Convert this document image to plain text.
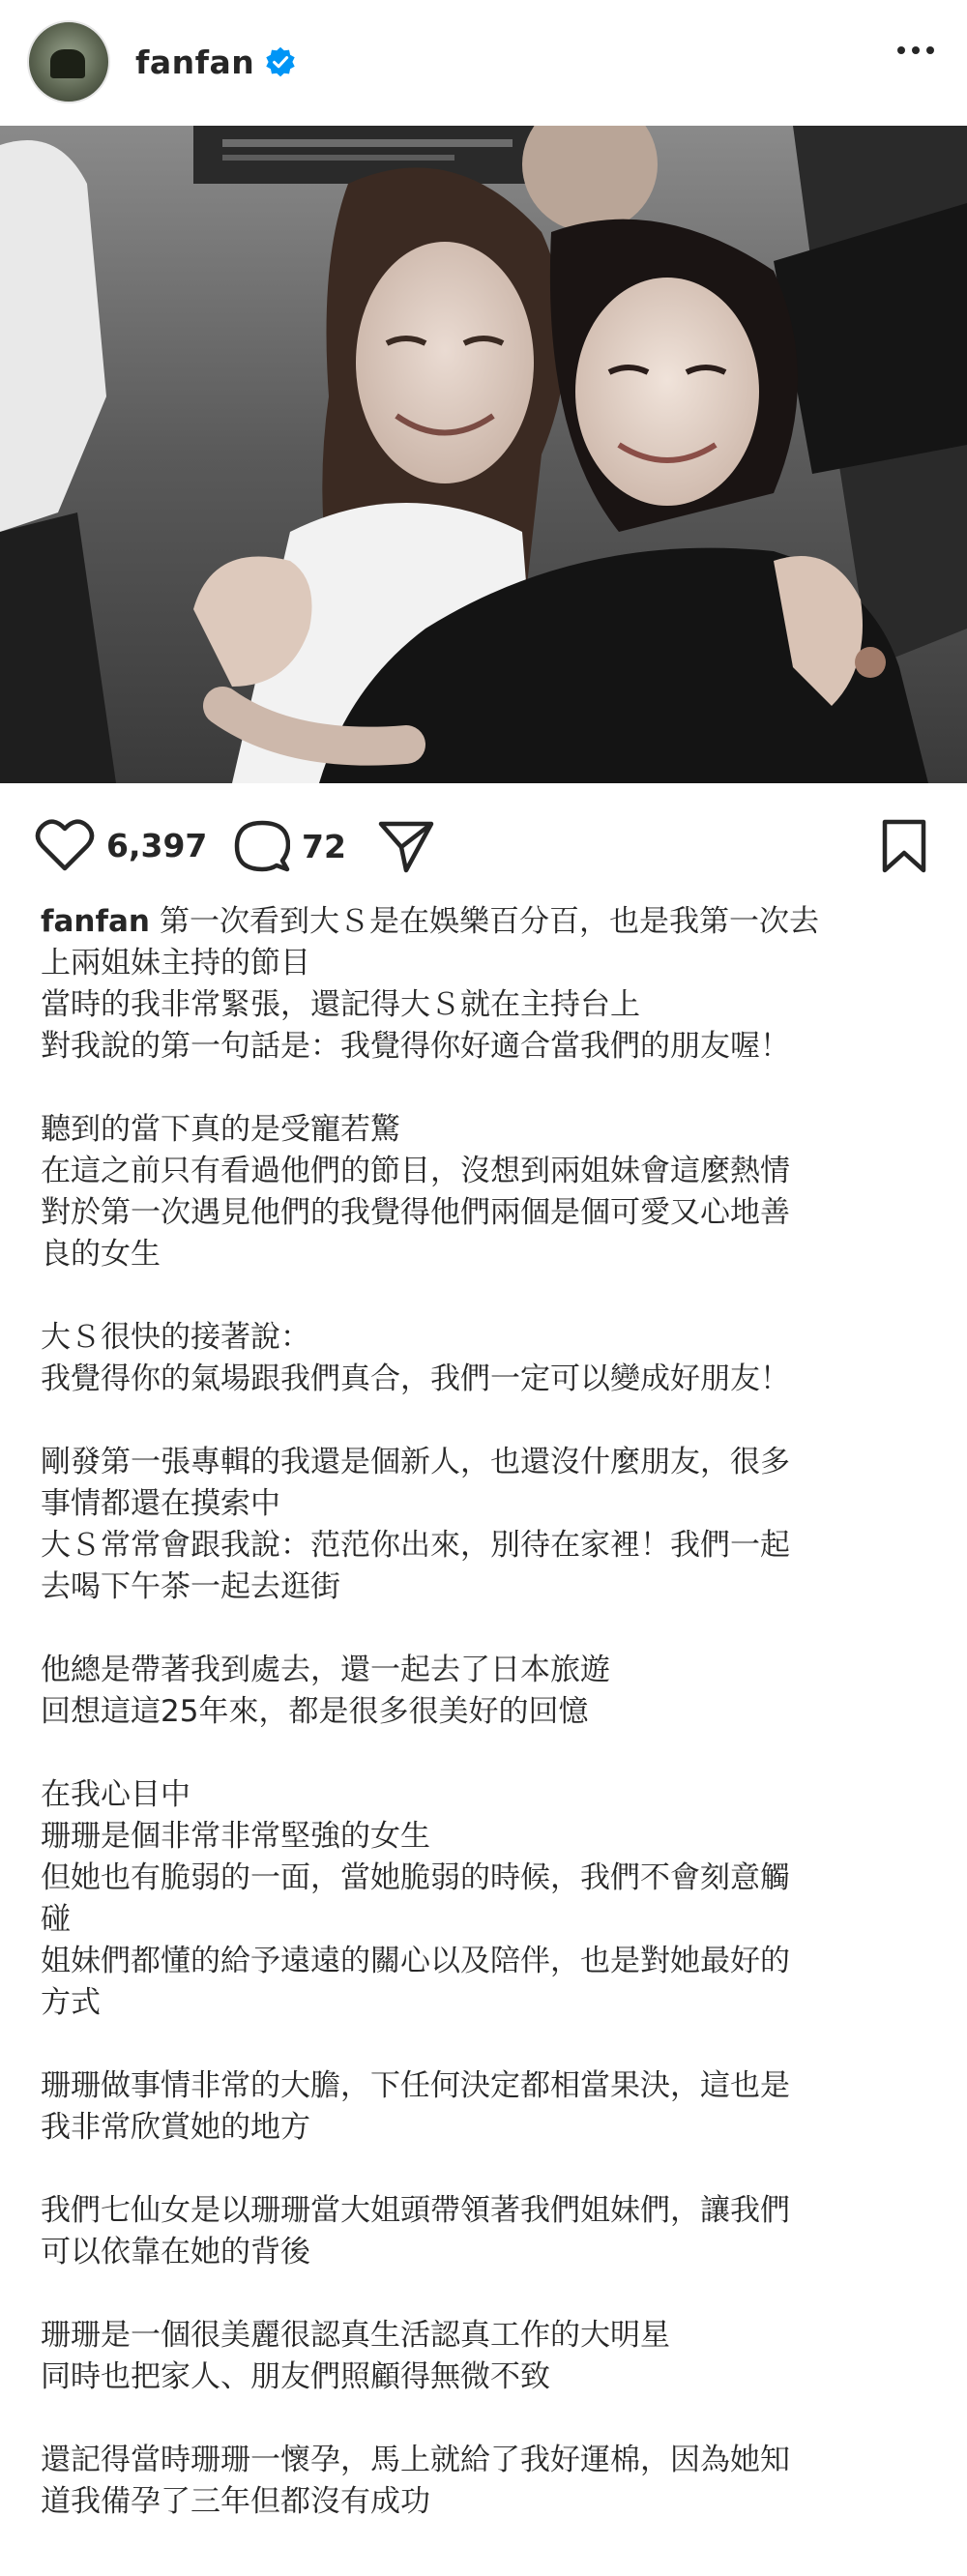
fanfan
6,397	72
fanfan 第一次看到大Ｓ是在娛樂百分百，也是我第一次去
上兩姐妹主持的節目
當時的我非常緊張，還記得大Ｓ就在主持台上
對我說的第一句話是：我覺得你好適合當我們的朋友喔！
聽到的當下真的是受寵若驚
在這之前只有看過他們的節目，沒想到兩姐妹會這麼熱情
對於第一次遇見他們的我覺得他們兩個是個可愛又心地善
良的女生
大Ｓ很快的接著說：
我覺得你的氣場跟我們真合，我們一定可以變成好朋友！
剛發第一張專輯的我還是個新人，也還沒什麼朋友，很多
事情都還在摸索中
大Ｓ常常會跟我說：范范你出來，別待在家裡！我們一起
去喝下午茶一起去逛街
他總是帶著我到處去，還一起去了日本旅遊
回想這這25年來，都是很多很美好的回憶
在我心目中
珊珊是個非常非常堅強的女生
但她也有脆弱的一面，當她脆弱的時候，我們不會刻意觸
碰
姐妹們都懂的給予遠遠的關心以及陪伴，也是對她最好的
方式
珊珊做事情非常的大膽，下任何決定都相當果決，這也是
我非常欣賞她的地方
我們七仙女是以珊珊當大姐頭帶領著我們姐妹們，讓我們
可以依靠在她的背後
珊珊是一個很美麗很認真生活認真工作的大明星
同時也把家人、朋友們照顧得無微不致
還記得當時珊珊一懷孕，馬上就給了我好運棉，因為她知
道我備孕了三年但都沒有成功
